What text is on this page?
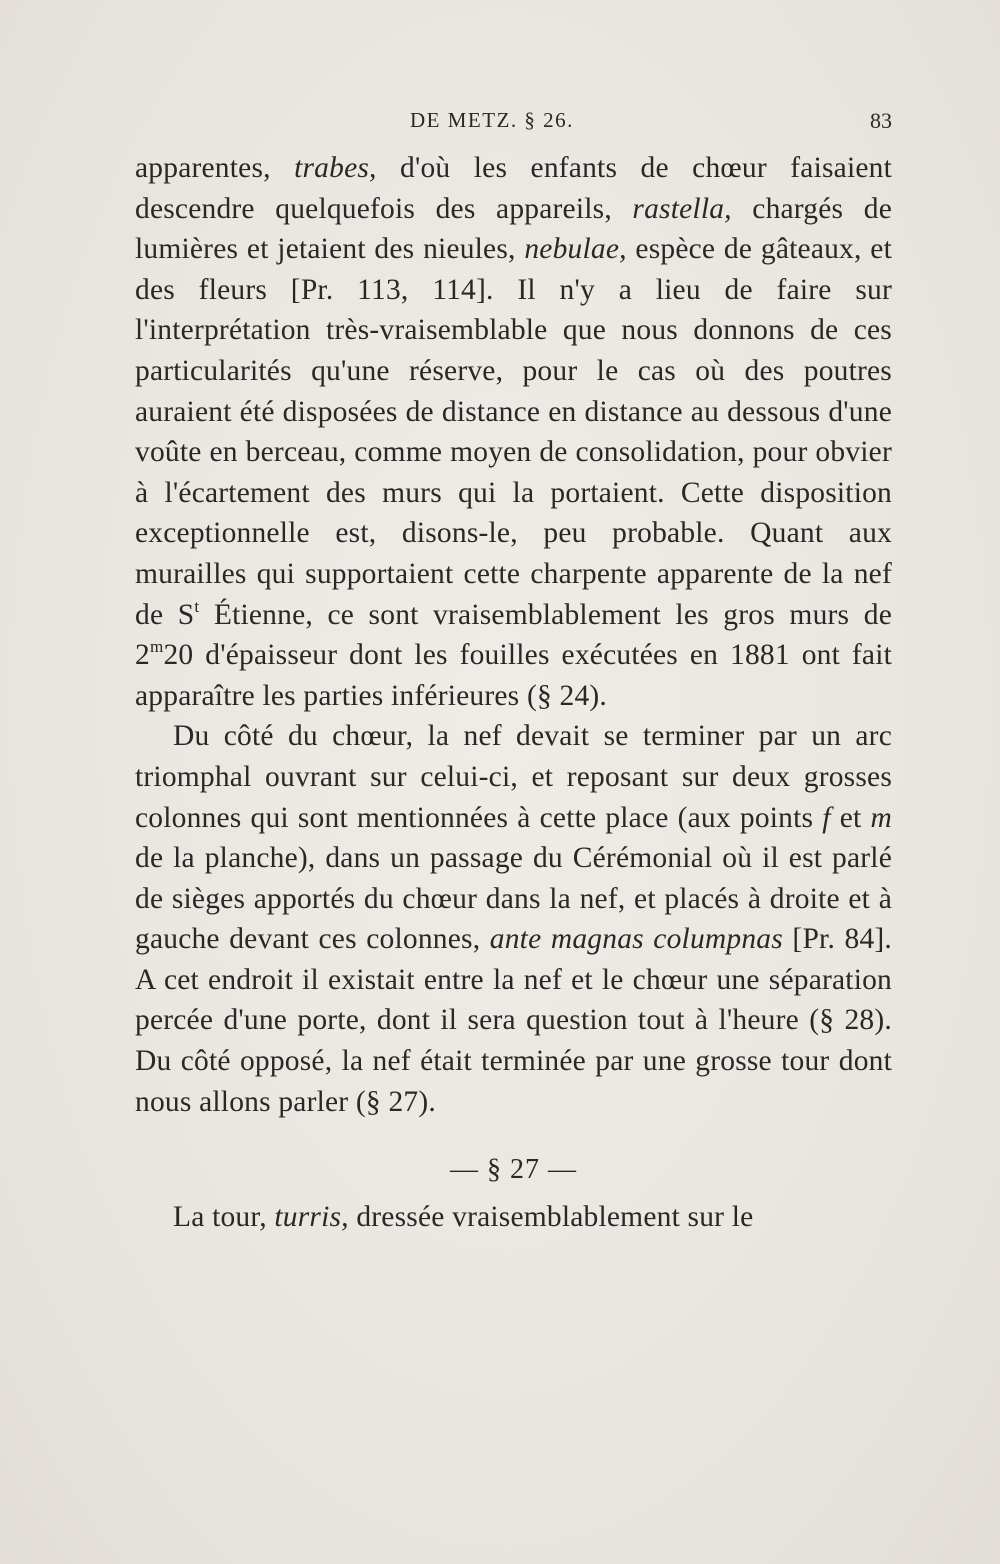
DE METZ. § 26.	83

apparentes, trabes, d'où les enfants de chœur faisaient descendre quelquefois des appareils, rastella, chargés de lumières et jetaient des nieules, nebulae, espèce de gâteaux, et des fleurs [Pr. 113, 114]. Il n'y a lieu de faire sur l'interprétation très-vraisemblable que nous donnons de ces particularités qu'une réserve, pour le cas où des poutres auraient été disposées de distance en distance au dessous d'une voûte en berceau, comme moyen de consolidation, pour obvier à l'écartement des murs qui la portaient. Cette disposition exceptionnelle est, disons-le, peu probable. Quant aux murailles qui supportaient cette charpente apparente de la nef de $S^t$ Étienne, ce sont vraisemblablement les gros murs de 2$^m$20 d'épaisseur dont les fouilles exécutées en 1881 ont fait apparaître les parties inférieures (§ 24).

Du côté du chœur, la nef devait se terminer par un arc triomphal ouvrant sur celui-ci, et reposant sur deux grosses colonnes qui sont mentionnées à cette place (aux points f et m de la planche), dans un passage du Cérémonial où il est parlé de sièges apportés du chœur dans la nef, et placés à droite et à gauche devant ces colonnes, ante magnas columpnas [Pr. 84]. A cet endroit il existait entre la nef et le chœur une séparation percée d'une porte, dont il sera question tout à l'heure (§ 28). Du côté opposé, la nef était terminée par une grosse tour dont nous allons parler (§ 27).

— § 27 —

La tour, turris, dressée vraisemblablement sur le
